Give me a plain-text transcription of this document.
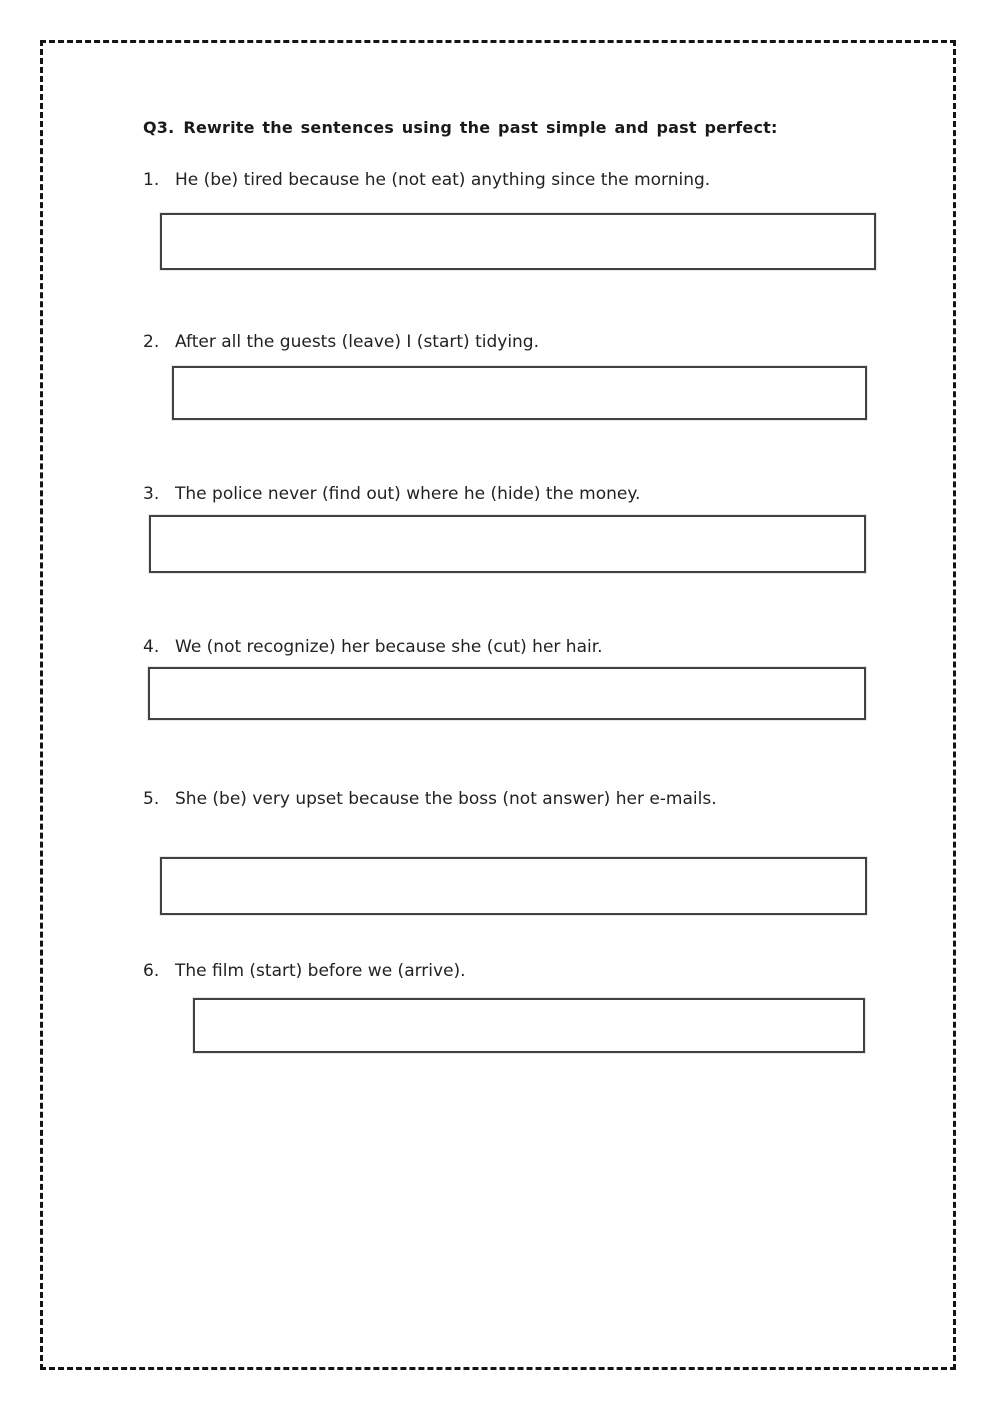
Q3. Rewrite the sentences using the past simple and past perfect:
1. He (be) tired because he (not eat) anything since the morning.
2. After all the guests (leave) I (start) tidying.
3. The police never (find out) where he (hide) the money.
4. We (not recognize) her because she (cut) her hair.
5. She (be) very upset because the boss (not answer) her e-mails.
6. The film (start) before we (arrive).
